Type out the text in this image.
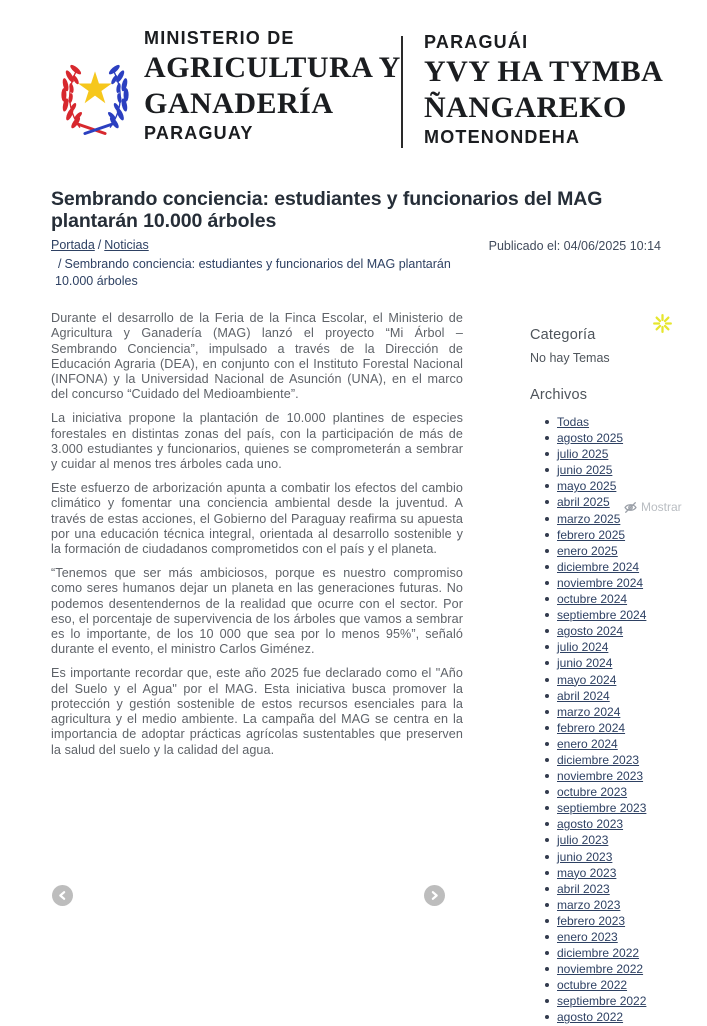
MINISTERIO DE
AGRICULTURA Y
GANADERÍA
PARAGUAY
PARAGUÁI
YVY HA TYMBA
ÑANGAREKO
MOTENONDEHA
Sembrando conciencia: estudiantes y funcionarios del MAG plantarán 10.000 árboles
Portada / Noticias
/ Sembrando conciencia: estudiantes y funcionarios del MAG plantarán 10.000 árboles
Publicado el: 04/06/2025 10:14

Durante el desarrollo de la Feria de la Finca Escolar, el Ministerio de Agricultura y Ganadería (MAG) lanzó el proyecto “Mi Árbol – Sembrando Conciencia”, impulsado a través de la Dirección de Educación Agraria (DEA), en conjunto con el Instituto Forestal Nacional (INFONA) y la Universidad Nacional de Asunción (UNA), en el marco del concurso “Cuidado del Medioambiente”.

La iniciativa propone la plantación de 10.000 plantines de especies forestales en distintas zonas del país, con la participación de más de 3.000 estudiantes y funcionarios, quienes se comprometerán a sembrar y cuidar al menos tres árboles cada uno.

Este esfuerzo de arborización apunta a combatir los efectos del cambio climático y fomentar una conciencia ambiental desde la juventud. A través de estas acciones, el Gobierno del Paraguay reafirma su apuesta por una educación técnica integral, orientada al desarrollo sostenible y la formación de ciudadanos comprometidos con el país y el planeta.

“Tenemos que ser más ambiciosos, porque es nuestro compromiso como seres humanos dejar un planeta en las generaciones futuras. No podemos desentendernos de la realidad que ocurre con el sector. Por eso, el porcentaje de supervivencia de los árboles que vamos a sembrar es lo importante, de los 10 000 que sea por lo menos 95%”, señaló durante el evento, el ministro Carlos Giménez.

Es importante recordar que, este año 2025 fue declarado como el "Año del Suelo y el Agua" por el MAG. Esta iniciativa busca promover la protección y gestión sostenible de estos recursos esenciales para la agricultura y el medio ambiente. La campaña del MAG se centra en la importancia de adoptar prácticas agrícolas sustentables que preserven la salud del suelo y la calidad del agua.

Categoría

No hay Temas

Archivos
Todas
agosto 2025
julio 2025
junio 2025
mayo 2025
abril 2025
marzo 2025
febrero 2025
enero 2025
diciembre 2024
noviembre 2024
octubre 2024
septiembre 2024
agosto 2024
julio 2024
junio 2024
mayo 2024
abril 2024
marzo 2024
febrero 2024
enero 2024
diciembre 2023
noviembre 2023
octubre 2023
septiembre 2023
agosto 2023
julio 2023
junio 2023
mayo 2023
abril 2023
marzo 2023
febrero 2023
enero 2023
diciembre 2022
noviembre 2022
octubre 2022
septiembre 2022
agosto 2022
Mostrar
